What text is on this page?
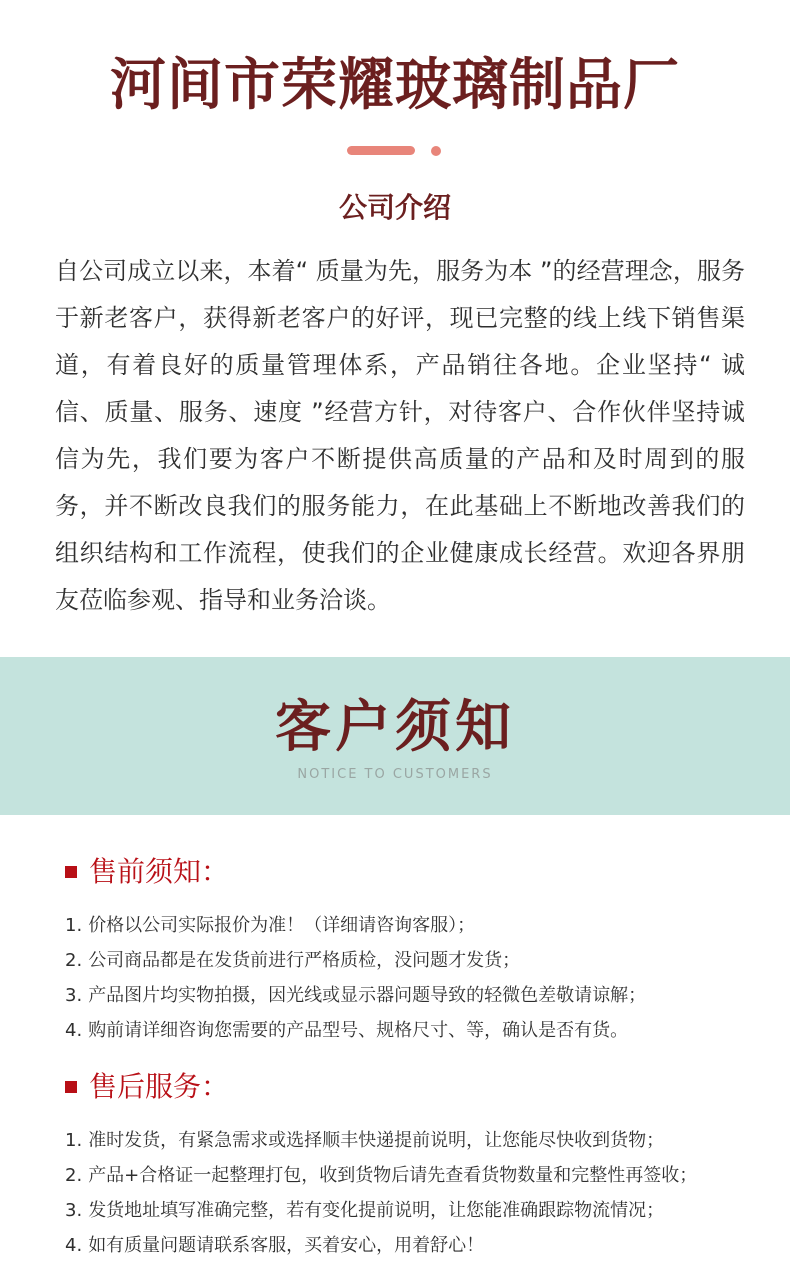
河间市荣耀玻璃制品厂
公司介绍

自公司成立以来，本着“ 质量为先，服务为本 ”的经营理念，服务于新老客户，获得新老客户的好评，现已完整的线上线下销售渠道，有着良好的质量管理体系，产品销往各地。企业坚持“ 诚信、质量、服务、速度 ”经营方针，对待客户、合作伙伴坚持诚信为先，我们要为客户不断提供高质量的产品和及时周到的服务，并不断改良我们的服务能力，在此基础上不断地改善我们的组织结构和工作流程，使我们的企业健康成长经营。欢迎各界朋友莅临参观、指导和业务洽谈。

客户须知
NOTICE TO CUSTOMERS
售前须知：
1. 价格以公司实际报价为准！（详细请咨询客服）；
2. 公司商品都是在发货前进行严格质检，没问题才发货；
3. 产品图片均实物拍摄，因光线或显示器问题导致的轻微色差敬请谅解；
4. 购前请详细咨询您需要的产品型号、规格尺寸、等，确认是否有货。
售后服务：
1. 准时发货，有紧急需求或选择顺丰快递提前说明，让您能尽快收到货物；
2. 产品+合格证一起整理打包，收到货物后请先查看货物数量和完整性再签收；
3. 发货地址填写准确完整，若有变化提前说明，让您能准确跟踪物流情况；
4. 如有质量问题请联系客服，买着安心，用着舒心！
